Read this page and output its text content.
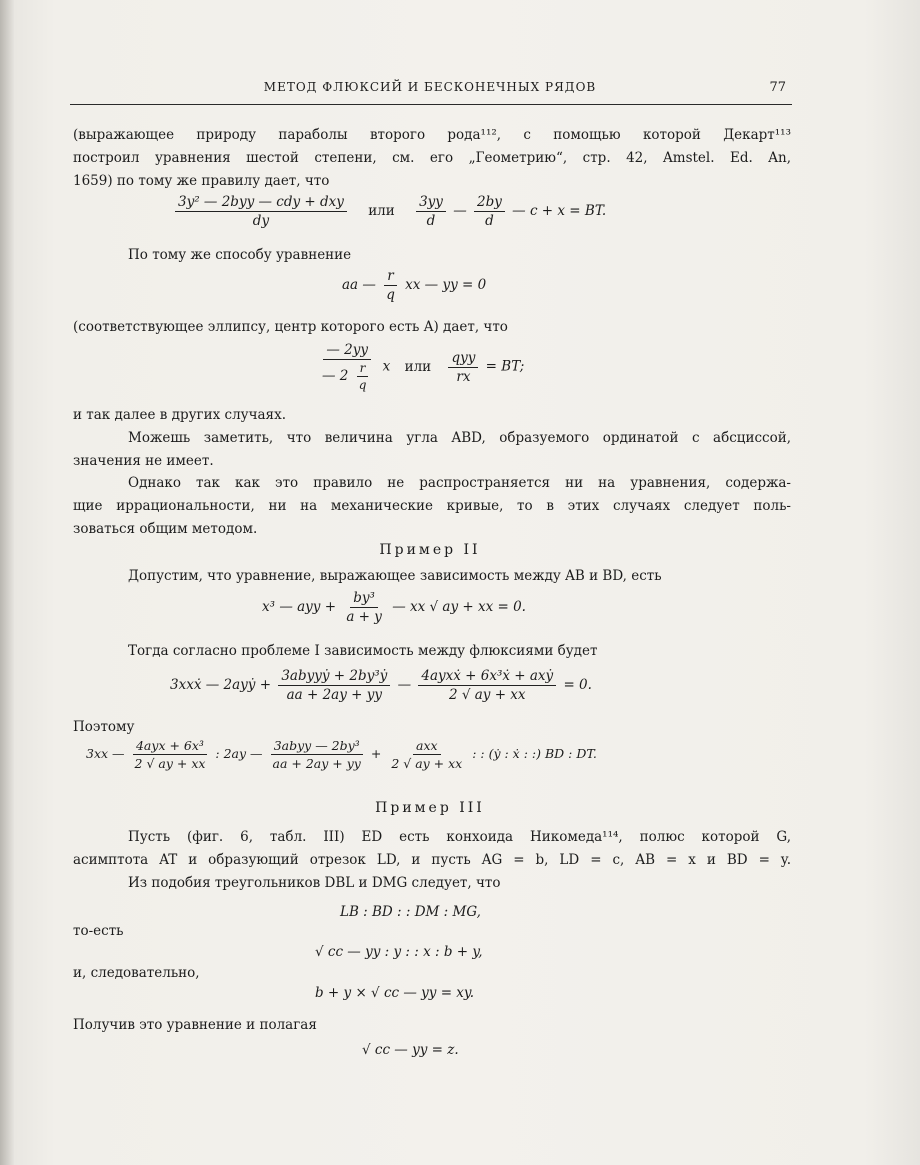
МЕТОД ФЛЮКСИЙ И БЕСКОНЕЧНЫХ РЯДОВ	77
(выражающее природу параболы второго рода¹¹², с помощью которой Декарт¹¹³
построил уравнения шестой степени, см. его „Геометрию“, стр. 42, Amstel. Ed. An,
1659) по тому же правилу дает, что
$\frac{\text{3y² — 2byy — cdy + dxy}}{dy}$ или $\frac{3yy}{d}$ — $\frac{2by}{d}$ — c + x = BT.
По тому же способу уравнение
aa — $\frac{r}{q}$ xx — yy = 0
(соответствующее эллипсу, центр которого есть A) дает, что
$\frac{— 2yy}{— 2 \frac{r}{q}}$ x или $\frac{\text{qyy}}{rx}$ = BT;
и так далее в других случаях.
Можешь заметить, что величина угла ABD, образуемого ординатой с абсциссой,
значения не имеет.
Однако так как это правило не распространяется ни на уравнения, содержа-
щие иррациональности, ни на механические кривые, то в этих случаях следует поль-
зоваться общим методом.
Пример II
Допустим, что уравнение, выражающее зависимость между AB и BD, есть
x³ — ayy + $\frac{\text{by³}}{a + y}$ — xx √ ay + xx = 0.
Тогда согласно проблеме I зависимость между флюксиями будет
3xxẋ — 2ayẏ + $\frac{\text{3abyyẏ + 2by³ẏ}}{aa + 2ay + yy}$ — $\frac{\text{4ayxẋ + 6x³ẋ + axẏ}}{2 √ ay + xx} = 0$.
Поэтому
3xx — $\frac{\text{4ayx + 6x³}}{2 √ ay + xx}$ : 2ay — $\frac{\text{3abyy — 2by³}}{aa + 2ay + yy} + \frac{\text{axx}}{2 √ ay + xx}$ : : (ẏ : ẋ : :) BD : DT.
Пример III
Пусть (фиг. 6, табл. III) ED есть конхоида Никомеда¹¹⁴, полюс которой G,
асимптота AT и образующий отрезок LD, и пусть AG = b, LD = c, AB = x и BD = y.
Из подобия треугольников DBL и DMG следует, что
LB : BD : : DM : MG,
то-есть
√ cc — yy : y : : x : b + y,
и, следовательно,
b + y × √ cc — yy = xy.
Получив это уравнение и полагая
√ cc — yy = z.
